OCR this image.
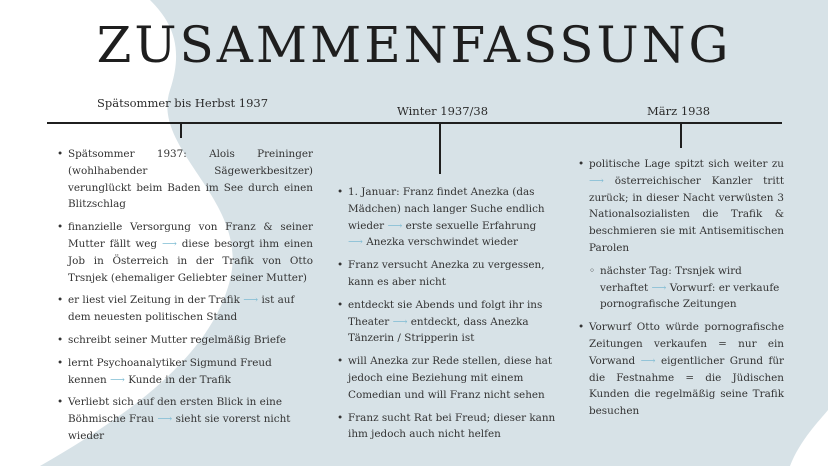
ZUSAMMENFASSUNG
Spätsommer bis Herbst 1937
Winter 1937/38	März 1938
• Spätsommer 1937: Alois Preininger (wohlhabender Sägewerkbesitzer) verunglückt beim Baden im See durch einen Blitzschlag
• finanzielle Versorgung von Franz & seiner Mutter fällt weg ⟶ diese besorgt ihm einen Job in Österreich in der Trafik von Otto Trsnjek (ehemaliger Geliebter seiner Mutter)
• er liest viel Zeitung in der Trafik ⟶ ist auf dem neuesten politischen Stand
• schreibt seiner Mutter regelmäßig Briefe
• lernt Psychoanalytiker Sigmund Freud kennen ⟶ Kunde in der Trafik
• Verliebt sich auf den ersten Blick in eine Böhmische Frau ⟶ sieht sie vorerst nicht wieder
• 1. Januar: Franz findet Anezka (das Mädchen) nach langer Suche endlich wieder ⟶ erste sexuelle Erfahrung
⟶ Anezka verschwindet wieder
• Franz versucht Anezka zu vergessen, kann es aber nicht
• entdeckt sie Abends und folgt ihr ins Theater ⟶ entdeckt, dass Anezka Tänzerin / Stripperin ist
• will Anezka zur Rede stellen, diese hat jedoch eine Beziehung mit einem Comedian und will Franz nicht sehen
• Franz sucht Rat bei Freud; dieser kann ihm jedoch auch nicht helfen
• politische Lage spitzt sich weiter zu ⟶ österreichischer Kanzler tritt zurück; in dieser Nacht verwüsten 3 Nationalsozialisten die Trafik & beschmieren sie mit Antisemitischen Parolen
◦ nächster Tag: Trsnjek wird verhaftet ⟶ Vorwurf: er verkaufe pornografische Zeitungen
• Vorwurf Otto würde pornografische Zeitungen verkaufen = nur ein Vorwand ⟶ eigentlicher Grund für die Festnahme = die Jüdischen Kunden die regelmäßig seine Trafik besuchen
